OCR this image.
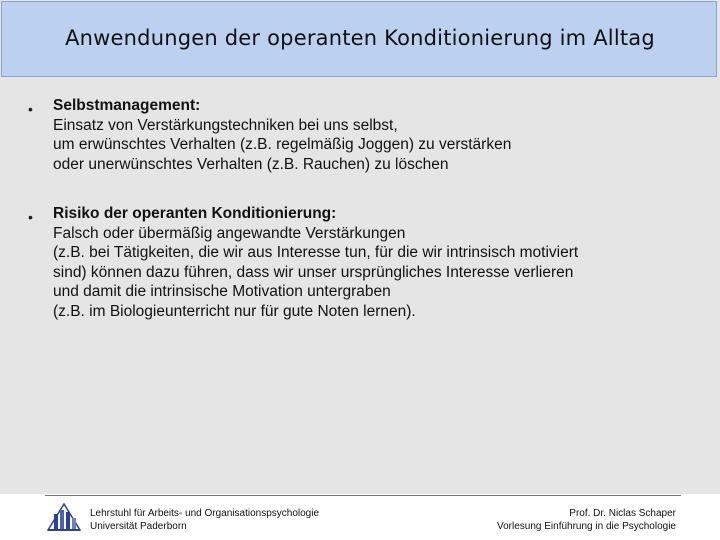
Anwendungen der operanten Konditionierung im Alltag
• Selbstmanagement:
Einsatz von Verstärkungstechniken bei uns selbst,
um erwünschtes Verhalten (z.B. regelmäßig Joggen) zu verstärken
oder unerwünschtes Verhalten (z.B. Rauchen) zu löschen
• Risiko der operanten Konditionierung:
Falsch oder übermäßig angewandte Verstärkungen
(z.B. bei Tätigkeiten, die wir aus Interesse tun, für die wir intrinsisch motiviert
sind) können dazu führen, dass wir unser ursprüngliches Interesse verlieren
und damit die intrinsische Motivation untergraben
(z.B. im Biologieunterricht nur für gute Noten lernen).
Lehrstuhl für Arbeits- und Organisationspsychologie
Universität Paderborn
Prof. Dr. Niclas Schaper
Vorlesung Einführung in die Psychologie
